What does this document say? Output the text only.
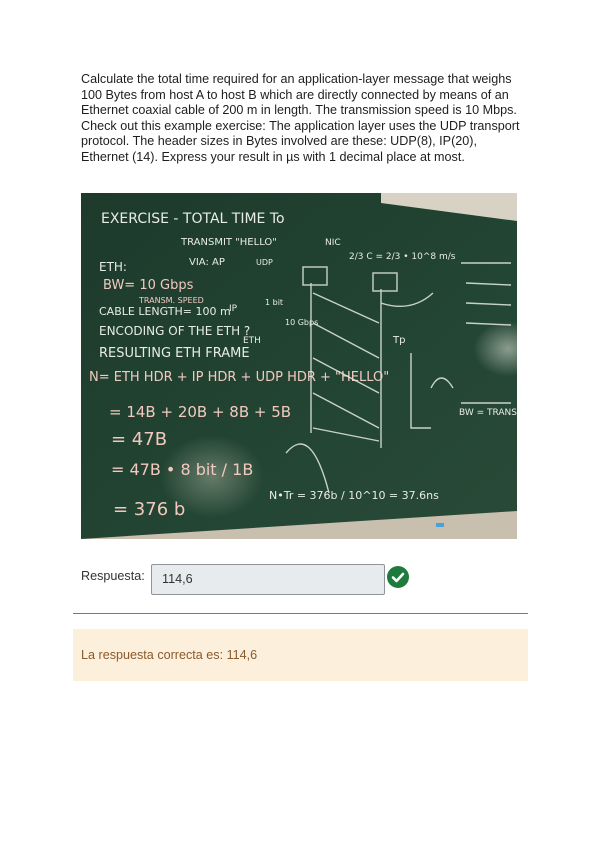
Calculate the total time required for an application-layer message that weighs 100 Bytes from host A to host B which are directly connected by means of an Ethernet coaxial cable of 200 m in length. The transmission speed is 10 Mbps. Check out this example exercise: The application layer uses the UDP transport protocol. The header sizes in Bytes involved are these: UDP(8), IP(20), Ethernet (14). Express your result in µs with 1 decimal place at most.
EXERCISE - TOTAL TIME To
TRANSMIT "HELLO"
VIA: AP
ETH:
BW= 10 Gbps
CABLE LENGTH= 100 m
ENCODING OF THE ETH ?
RESULTING ETH FRAME
N= ETH HDR + IP HDR + UDP HDR + "HELLO"
= 14B + 20B + 8B + 5B
= 47B
= 47B • 8 bit / 1B
= 376 b
N•Tr = 376b / 10^10 = 37.6ns
NIC
2/3 C = 2/3 • 10^8 m/s
UDP
IP
ETH
TRANSM. SPEED	1 bit
10 Gbps
Tp
BW = TRANS
Respuesta:	114,6
La respuesta correcta es: 114,6
